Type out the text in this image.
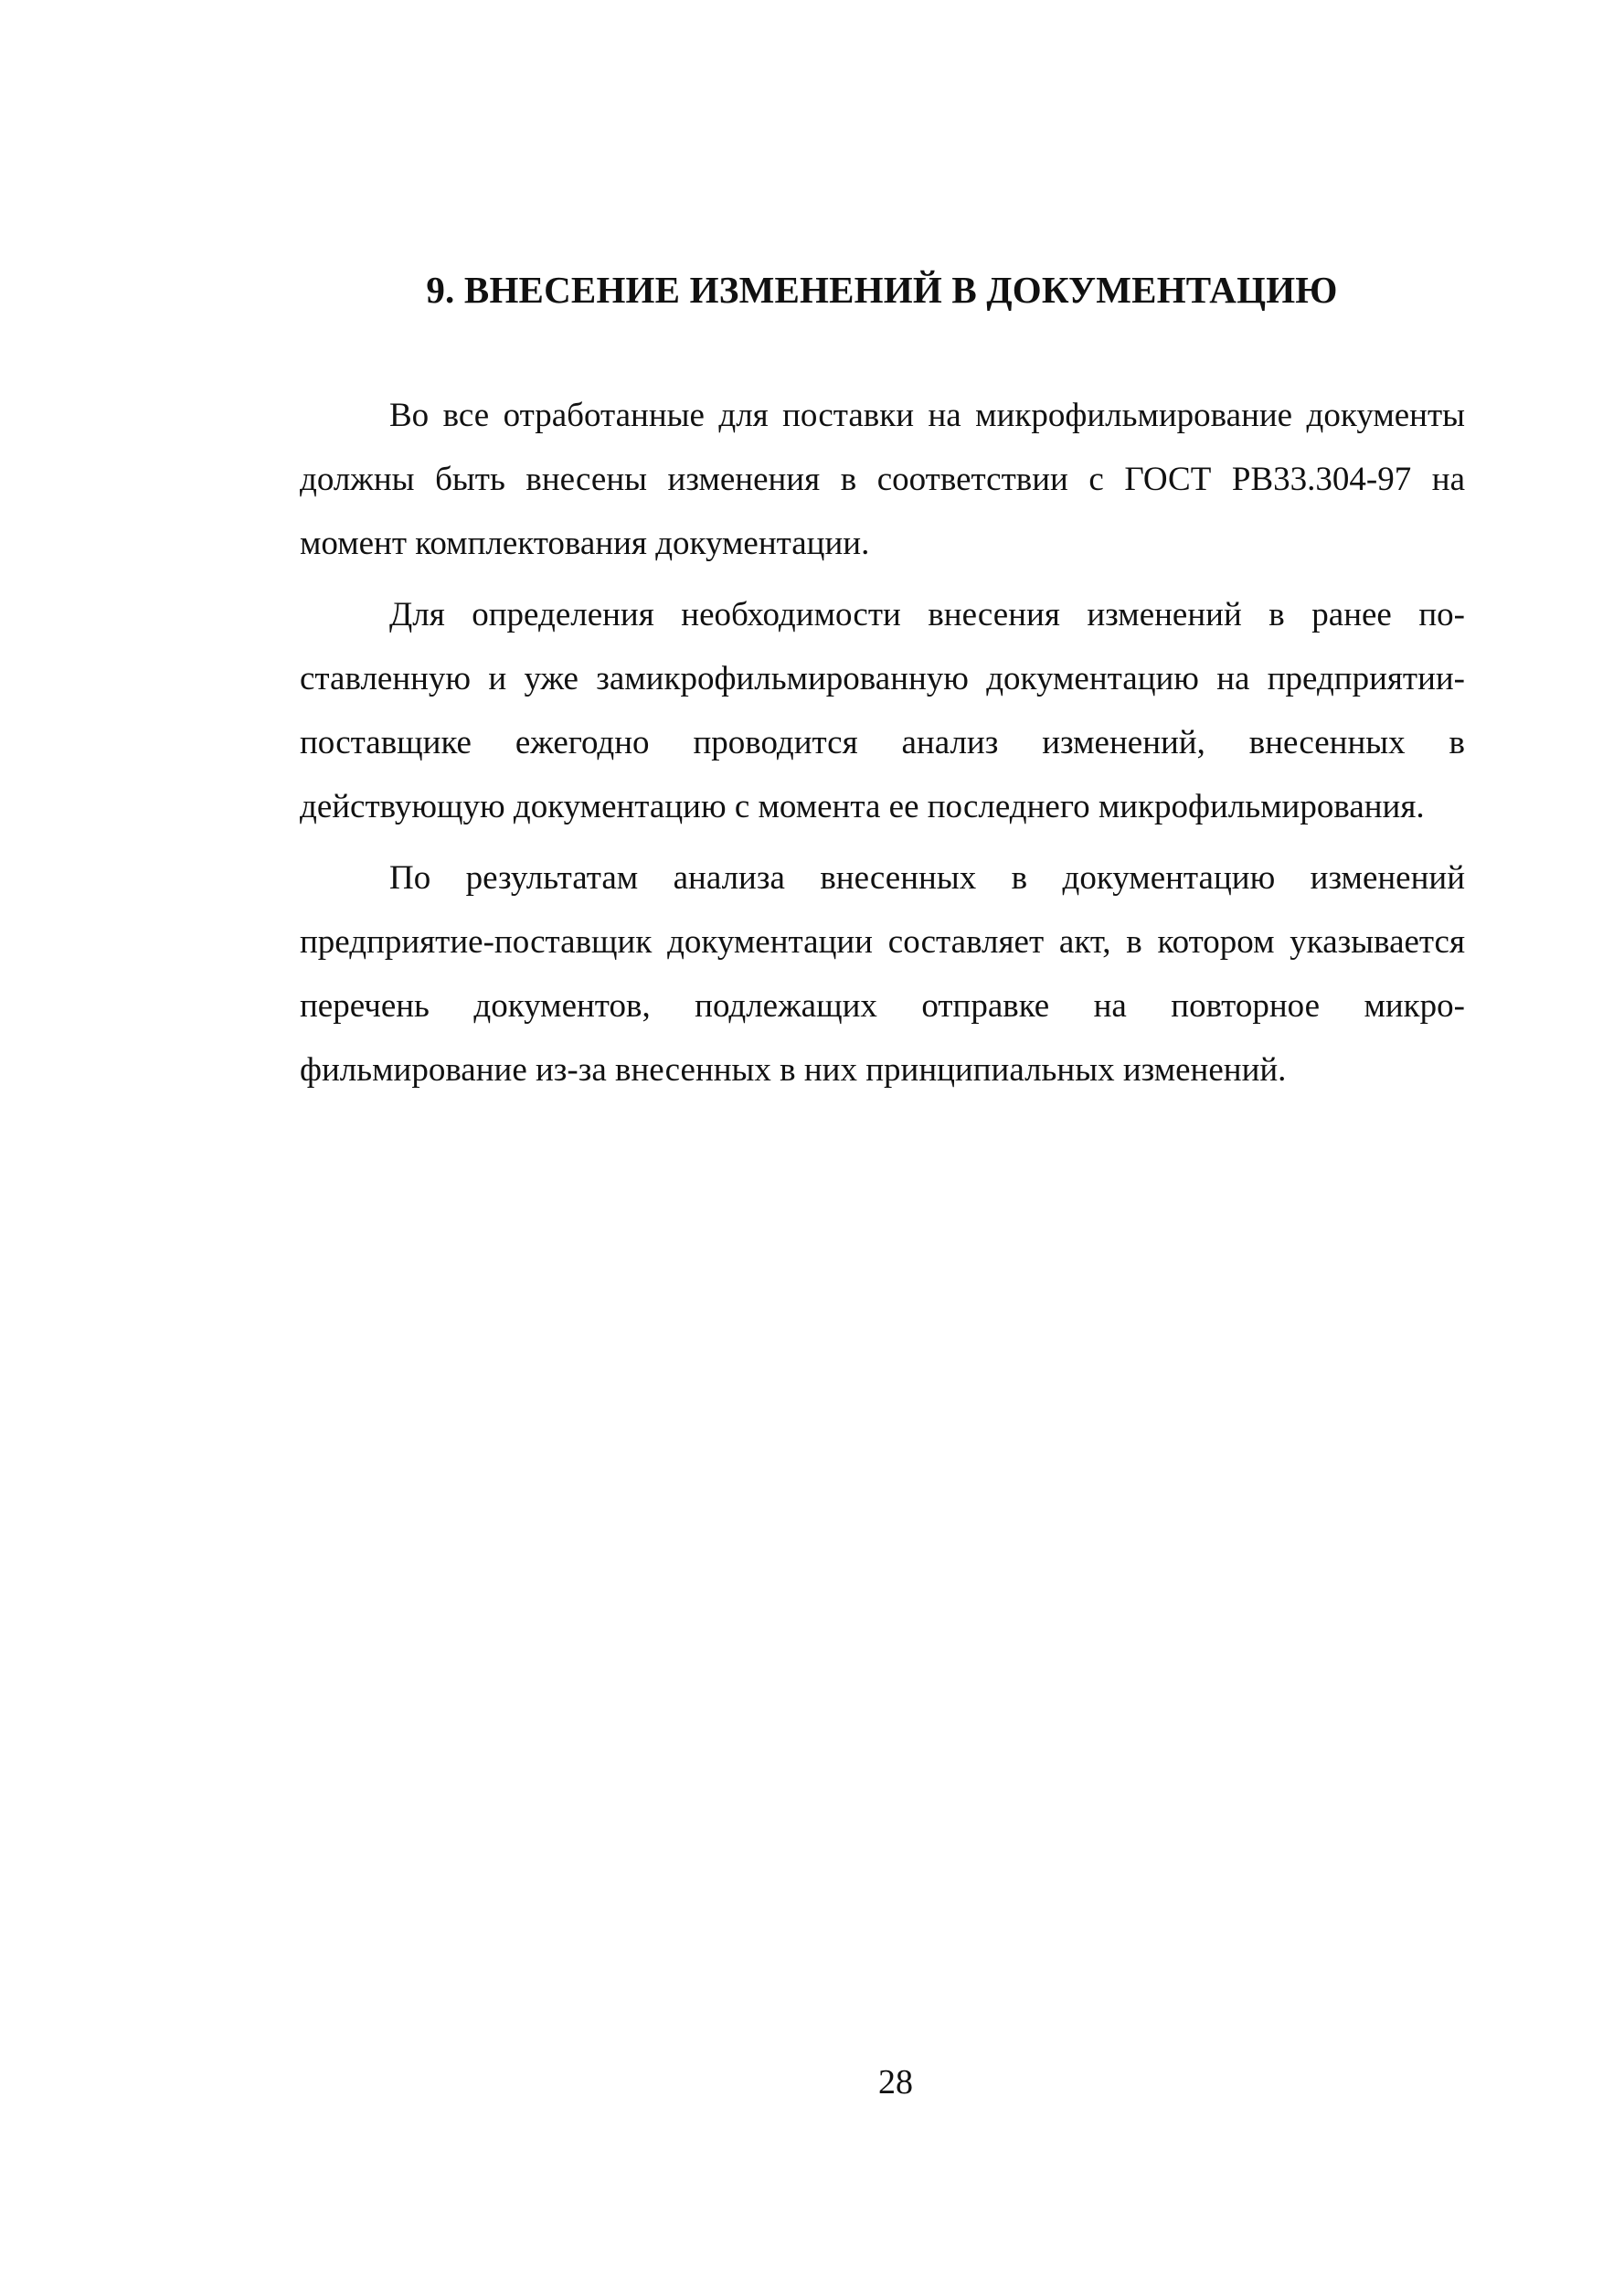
9. ВНЕСЕНИЕ ИЗМЕНЕНИЙ В ДОКУМЕНТАЦИЮ

Во все отработанные для поставки на микрофильмирование документы должны быть внесены изменения в соответствии с ГОСТ РВ33.304-97 на момент комплектования документации.

Для определения необходимости внесения изменений в ранее поставленную и уже замикрофильмированную документацию на предприятии-поставщике ежегодно проводится анализ изменений, внесенных в действующую документацию с момента ее последнего микрофильмирования.

По результатам анализа внесенных в документацию изменений предприятие-поставщик документации составляет акт, в котором указывается перечень документов, подлежащих отправке на повторное микрофильмирование из-за внесенных в них принципиальных изменений.

28
